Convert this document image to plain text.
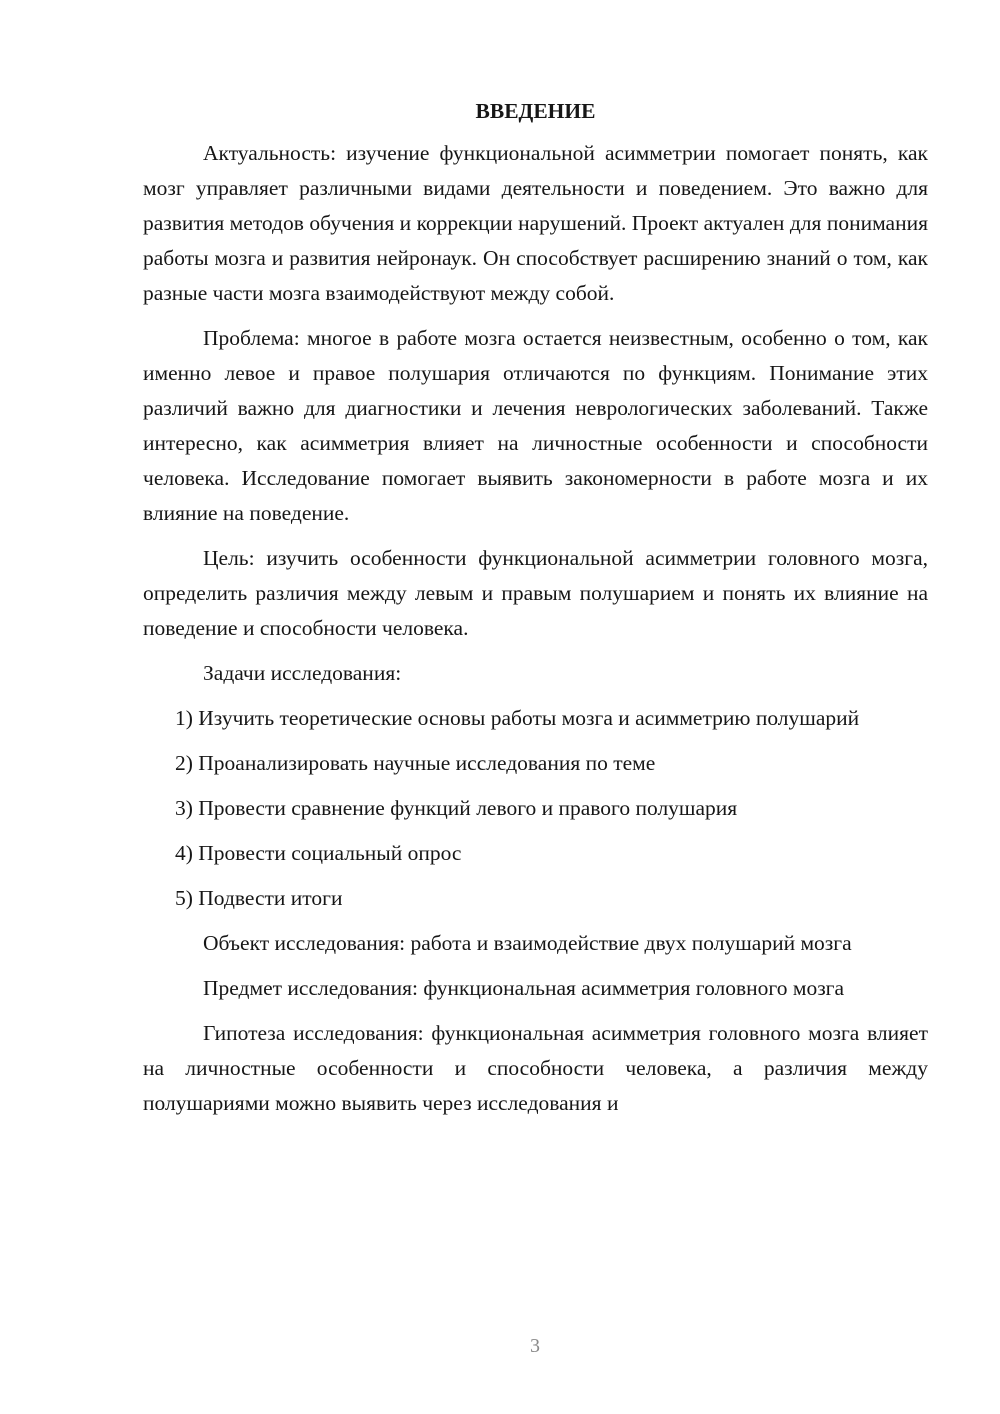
ВВЕДЕНИЕ

Актуальность: изучение функциональной асимметрии помогает понять, как мозг управляет различными видами деятельности и поведением. Это важно для развития методов обучения и коррекции нарушений. Проект актуален для понимания работы мозга и развития нейронаук. Он способствует расширению знаний о том, как разные части мозга взаимодействуют между собой.

Проблема: многое в работе мозга остается неизвестным, особенно о том, как именно левое и правое полушария отличаются по функциям. Понимание этих различий важно для диагностики и лечения неврологических заболеваний. Также интересно, как асимметрия влияет на личностные особенности и способности человека. Исследование помогает выявить закономерности в работе мозга и их влияние на поведение.

Цель: изучить особенности функциональной асимметрии головного мозга, определить различия между левым и правым полушарием и понять их влияние на поведение и способности человека.

Задачи исследования:

1) Изучить теоретические основы работы мозга и асимметрию полушарий

2) Проанализировать научные исследования по теме

3) Провести сравнение функций левого и правого полушария

4) Провести социальный опрос

5) Подвести итоги

Объект исследования: работа и взаимодействие двух полушарий мозга

Предмет исследования: функциональная асимметрия головного мозга

Гипотеза исследования: функциональная асимметрия головного мозга влияет на личностные особенности и способности человека, а различия между полушариями можно выявить через исследования и

3
